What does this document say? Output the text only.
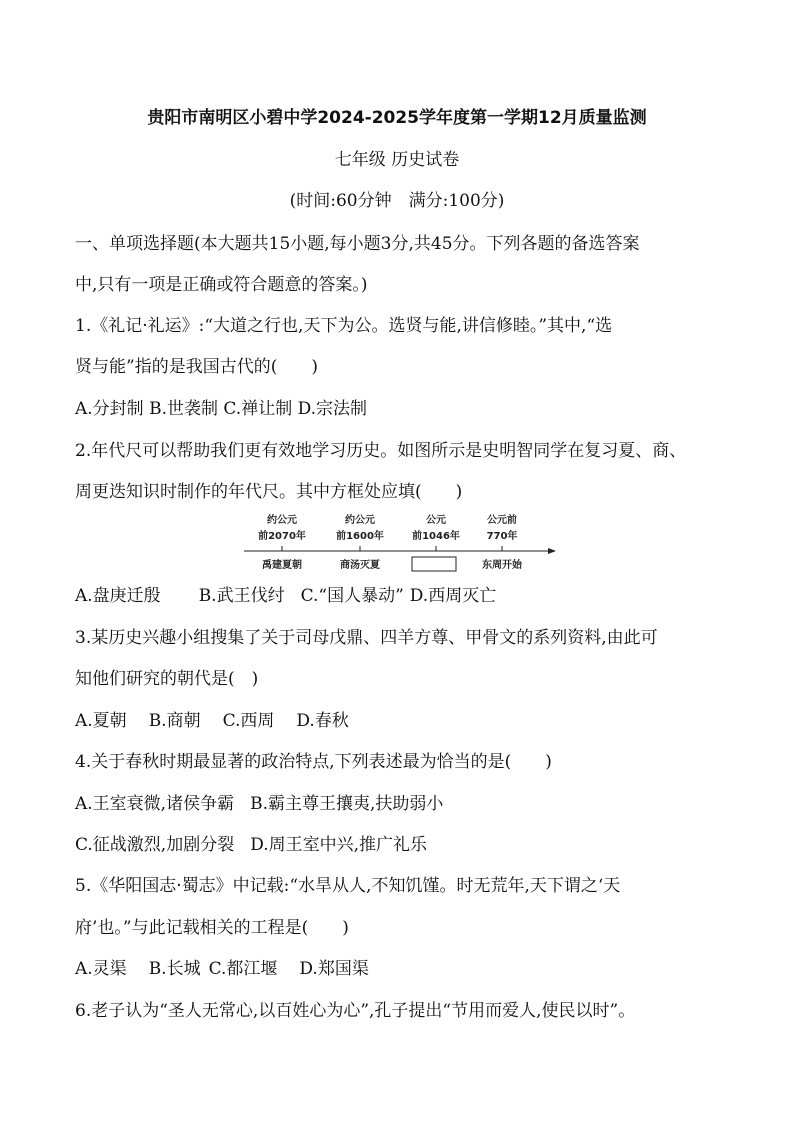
贵阳市南明区小碧中学2024-2025学年度第一学期12月质量监测
七年级 历史试卷
(时间:60分钟　满分:100分)
一、单项选择题(本大题共15小题,每小题3分,共45分。下列各题的备选答案
中,只有一项是正确或符合题意的答案。)
1.《礼记·礼运》:“大道之行也,天下为公。选贤与能,讲信修睦。”其中,“选
贤与能”指的是我国古代的(　　)
A.分封制 B.世袭制 C.禅让制 D.宗法制
2.年代尺可以帮助我们更有效地学习历史。如图所示是史明智同学在复习夏、商、
周更迭知识时制作的年代尺。其中方框处应填(　　)
约公元
前2070年
约公元
前1600年
公元
前1046年
公元前
770年
禹建夏朝	商汤灭夏	东周开始
A.盘庚迁殷 B.武王伐纣 C.“国人暴动” D.西周灭亡
3.某历史兴趣小组搜集了关于司母戊鼎、四羊方尊、甲骨文的系列资料,由此可
知他们研究的朝代是(　)
A.夏朝 B.商朝 C.西周 D.春秋
4.关于春秋时期最显著的政治特点,下列表述最为恰当的是(　　)
A.王室衰微,诸侯争霸 B.霸主尊王攘夷,扶助弱小
C.征战激烈,加剧分裂 D.周王室中兴,推广礼乐
5.《华阳国志·蜀志》中记载:“水旱从人,不知饥馑。时无荒年,天下谓之‘天
府’也。”与此记载相关的工程是(　　)
A.灵渠 B.长城 C.都江堰 D.郑国渠
6.老子认为“圣人无常心,以百姓心为心”,孔子提出“节用而爱人,使民以时”。
